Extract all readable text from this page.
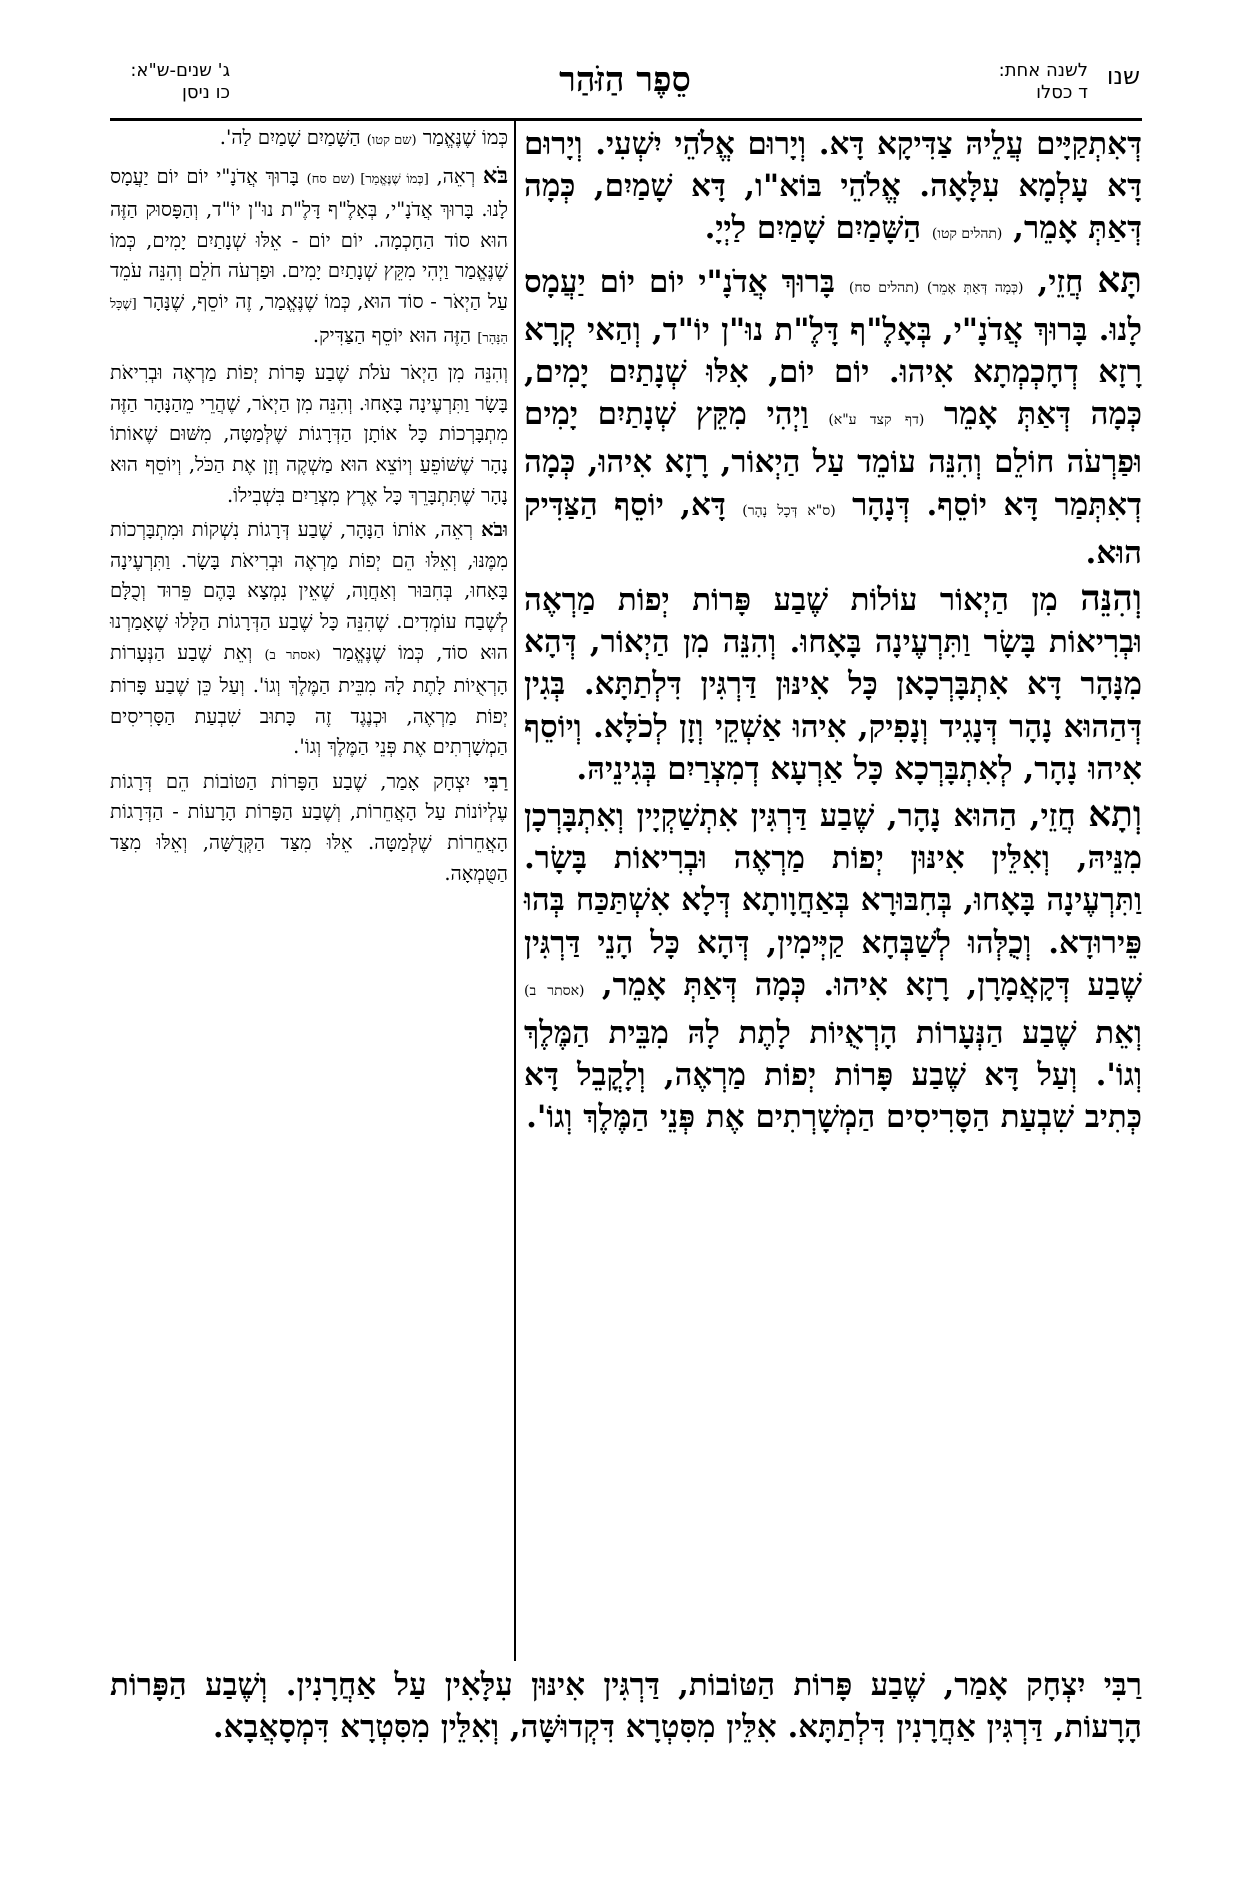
שנו
לשנה אחת:
ד כסלו
סֵפֶר הַזֹּהַר
ג' שנים-ש"א:
כו ניסן

דְּאִתְקַיָּים עֲלֵיהּ צַדִּיקָא דָּא. וְיָרוּם אֱלֹהֵי יִשְׁעִי. וְיָרוּם דָּא עָלְמָא עִלָּאָה. אֱלֹהֵי בּוֹא"ו, דָּא שָׁמַיִם, כְּמָה דְּאַתְּ אָמֵר, (תהלים קטו) הַשָּׁמַיִם שָׁמַיִם לַיְיָ.

תָּא חֲזֵי, (כְּמָה דְּאַתְּ אָמֵר) (תהלים סח) בָּרוּךְ אֲדֹנָ"י יוֹם יוֹם יַעֲמָס לָנוּ. בָּרוּךְ אֲדֹנָ"י, בְּאָלֶ"ף דָּלֶ"ת נוּ"ן יוֹ"ד, וְהַאי קְרָא רָזָא דְחָכְמְתָא אִיהוּ. יוֹם יוֹם, אִלּוּ שְׁנָתַיִם יָמִים, כְּמָה דְּאַתְּ אָמֵר (דף קצד ע"א) וַיְהִי מִקֵּץ שְׁנָתַיִם יָמִים וּפַרְעֹה חוֹלֵם וְהִנֵּה עוֹמֵד עַל הַיְאוֹר, רָזָא אִיהוּ, כְּמָה דְאִתְּמַר דָּא יוֹסֵף. דְּנָהָר (ס"א דְּכָל נָהָר) דָּא, יוֹסֵף הַצַּדִּיק הוּא.

וְהִנֵּה מִן הַיְאוֹר עוֹלוֹת שֶׁבַע פָּרוֹת יְפוֹת מַרְאֶה וּבְרִיאוֹת בָּשָׂר וַתִּרְעֶינָה בָּאָחוּ. וְהִנֵּה מִן הַיְאוֹר, דְּהָא מִנָּהָר דָּא אִתְבָּרְכָאן כָּל אִינּוּן דַּרְגִּין דִּלְתַתָּא. בְּגִין דְּהַהוּא נָהָר דְּנָגִיד וְנָפִיק, אִיהוּ אַשְׁקֵי וְזָן לְכֹלָּא. וְיוֹסֵף אִיהוּ נָהָר, לְאִתְבָּרְכָא כָּל אַרְעָא דְמִצְרַיִם בְּגִינֵיהּ.

וְתָא חֲזֵי, הַהוּא נָהָר, שֶׁבַע דַּרְגִּין אִתְשַׁקְיָין וְאִתְבָּרְכָן מִנֵּיהּ, וְאִלֵּין אִינּוּן יְפוֹת מַרְאֶה וּבְרִיאוֹת בָּשָׂר. וַתִּרְעֶינָה בָּאָחוּ, בְּחִבּוּרָא בְּאַחֲוָותָא דְּלָא אִשְׁתַּכַּח בְּהוּ פֵּירוּדָא. וְכֻלְּהוּ לְשַׁבְּחָא קַיְּימִין, דְּהָא כָּל הָנֵי דַּרְגִּין שֶׁבַע דְּקָאֲמָרָן, רָזָא אִיהוּ. כְּמָה דְּאַתְּ אָמֵר, (אסתר ב) וְאֵת שֶׁבַע הַנְּעָרוֹת הָרְאֻיוֹת לָתֶת לָהּ מִבֵּית הַמֶּלֶךְ וְגוֹ'. וְעַל דָּא שֶׁבַע פָּרוֹת יְפוֹת מַרְאֶה, וְלָקֳבֵל דָּא כְּתִיב שִׁבְעַת הַסָּרִיסִים הַמְשָׁרְתִים אֶת פְּנֵי הַמֶּלֶךְ וְגוֹ'.

כְּמוֹ שֶׁנֶּאֱמַר (שם קטו) הַשָּׁמַיִם שָׁמַיִם לַה'.

בֹּא רְאֵה, [כְּמוֹ שֶׁנֶּאֱמַר] (שם סח) בָּרוּךְ אֲדֹנָ"י יוֹם יוֹם יַעֲמָס לָנוּ. בָּרוּךְ אֲדֹנָ"י, בְּאָלֶ"ף דָּלֶ"ת נוּ"ן יוֹ"ד, וְהַפָּסוּק הַזֶּה הוּא סוֹד הַחָכְמָה. יוֹם יוֹם - אֵלּוּ שְׁנָתַיִם יָמִים, כְּמוֹ שֶׁנֶּאֱמַר וַיְהִי מִקֵּץ שְׁנָתַיִם יָמִים. וּפַרְעֹה חֹלֵם וְהִנֵּה עֹמֵד עַל הַיְאֹר - סוֹד הוּא, כְּמוֹ שֶׁנֶּאֱמַר, זֶה יוֹסֵף, שֶׁנָּהָר [שֶׁכָּל הַנָּהָר] הַזֶּה הוּא יוֹסֵף הַצַּדִּיק.

וְהִנֵּה מִן הַיְאֹר עֹלֹת שֶׁבַע פָּרוֹת יְפוֹת מַרְאֶה וּבְרִיאֹת בָּשָׂר וַתִּרְעֶינָה בָּאָחוּ. וְהִנֵּה מִן הַיְאֹר, שֶׁהֲרֵי מֵהַנָּהָר הַזֶּה מִתְבָּרְכוֹת כָּל אוֹתָן הַדְּרָגוֹת שֶׁלְּמַטָּה, מִשּׁוּם שֶׁאוֹתוֹ נָהָר שֶׁשּׁוֹפֵעַ וְיוֹצֵא הוּא מַשְׁקֶה וְזָן אֶת הַכֹּל, וְיוֹסֵף הוּא נָהָר שֶׁתִּתְבָּרֵךְ כָּל אֶרֶץ מִצְרַיִם בִּשְׁבִילוֹ.

וּבֹא רְאֵה, אוֹתוֹ הַנָּהָר, שֶׁבַע דְּרָגוֹת נִשְׁקוֹת וּמִתְבָּרְכוֹת מִמֶּנּוּ, וְאֵלּוּ הֵם יְפוֹת מַרְאֶה וּבְרִיאֹת בָּשָׂר. וַתִּרְעֶינָה בָּאָחוּ, בְּחִבּוּר וְאַחֲוָה, שֶׁאֵין נִמְצָא בָּהֶם פֵּרוּד וְכֻלָּם לְשֶׁבַח עוֹמְדִים. שֶׁהִנֵּה כָּל שֶׁבַע הַדְּרָגוֹת הַלָּלוּ שֶׁאָמַרְנוּ הוּא סוֹד, כְּמוֹ שֶׁנֶּאֱמַר (אסתר ב) וְאֵת שֶׁבַע הַנְּעָרוֹת הָרְאֻיוֹת לָתֶת לָהּ מִבֵּית הַמֶּלֶךְ וְגוֹ'. וְעַל כֵּן שֶׁבַע פָּרוֹת יְפוֹת מַרְאֶה, וּכְנֶגֶד זֶה כָּתוּב שִׁבְעַת הַסָּרִיסִים הַמְשָׁרְתִים אֶת פְּנֵי הַמֶּלֶךְ וְגוֹ'.

רַבִּי יִצְחָק אָמַר, שֶׁבַע הַפָּרוֹת הַטּוֹבוֹת הֵם דְּרָגוֹת עֶלְיוֹנוֹת עַל הָאֲחֵרוֹת, וְשֶׁבַע הַפָּרוֹת הָרָעוֹת - הַדְּרָגוֹת הָאֲחֵרוֹת שֶׁלְּמַטָּה. אֵלּוּ מִצַּד הַקְּדֻשָּׁה, וְאֵלּוּ מִצַּד הַטֻּמְאָה.

רַבִּי יִצְחָק אָמַר, שֶׁבַע פָּרוֹת הַטּוֹבוֹת, דַּרְגִּין אִינּוּן עִלָּאִין עַל אַחֲרָנִין. וְשֶׁבַע הַפָּרוֹת הָרָעוֹת, דַּרְגִּין אַחֲרָנִין דִּלְתַתָּא. אִלֵּין מִסִּטְרָא דִּקְדוּשָּׁה, וְאִלֵּין מִסִּטְרָא דִּמְסָאֲבָא.
